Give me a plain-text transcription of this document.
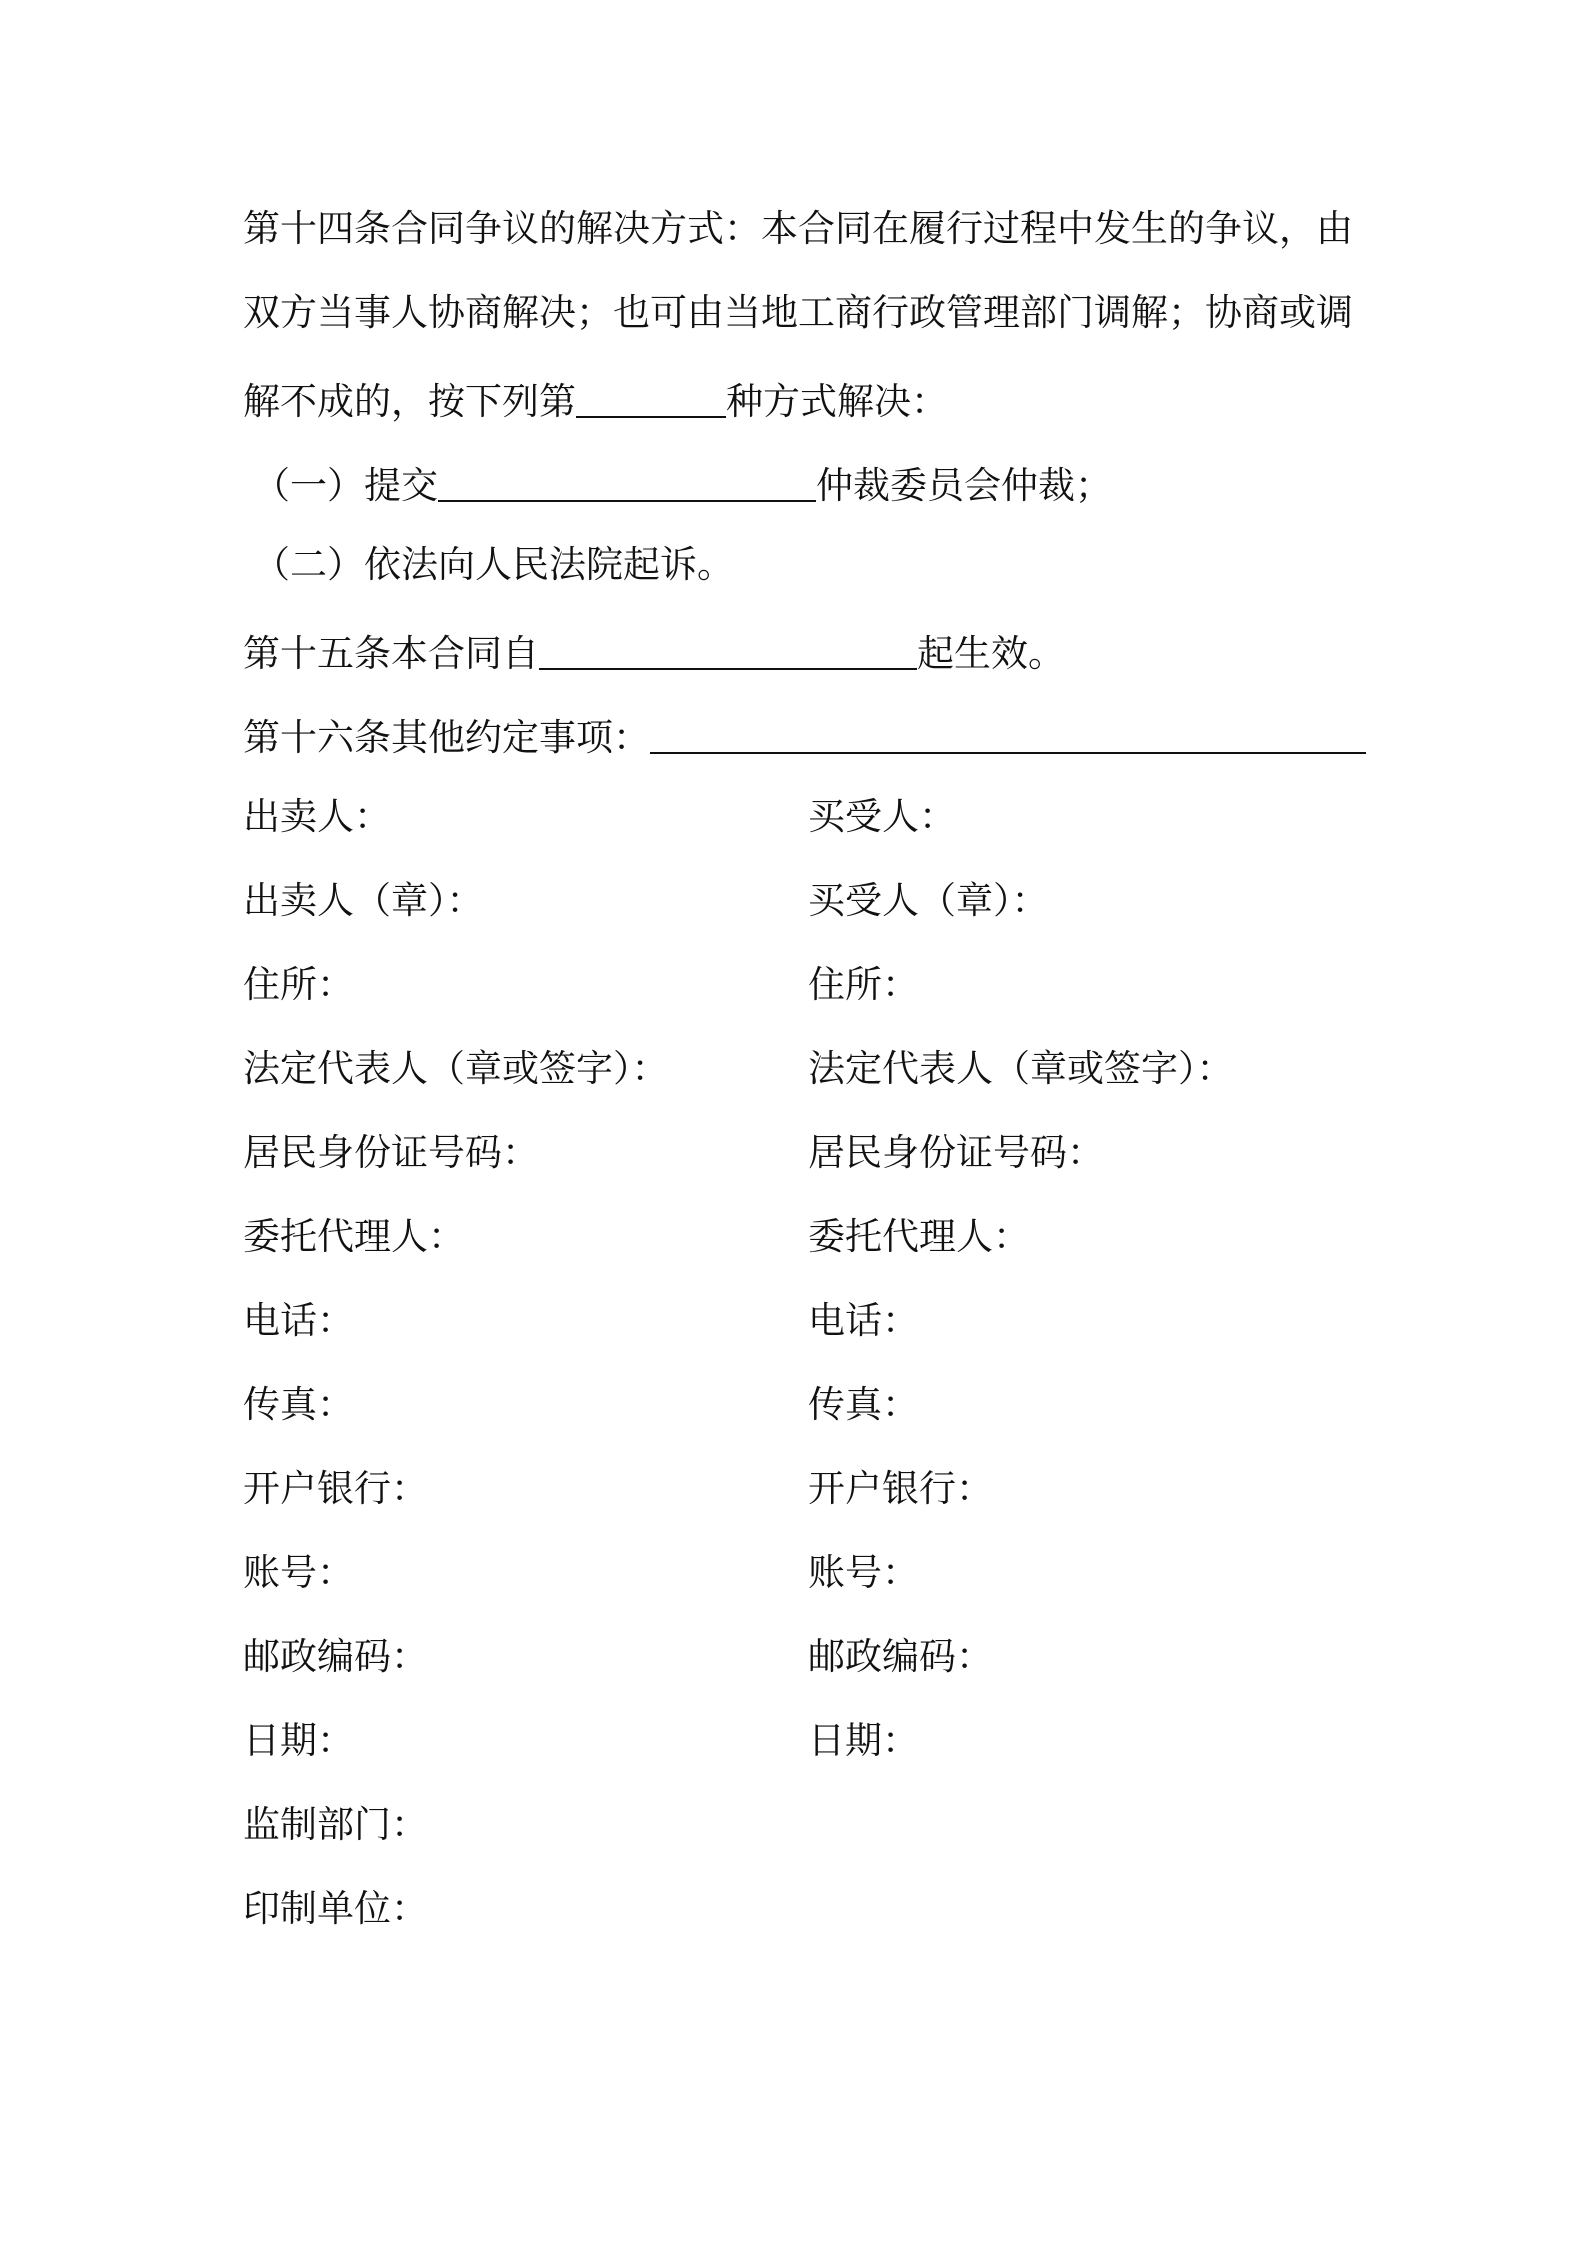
第十四条合同争议的解决方式：本合同在履行过程中发生的争议，由
双方当事人协商解决；也可由当地工商行政管理部门调解；协商或调
解不成的，按下列第	种方式解决：
（一）提交	仲裁委员会仲裁；
（二）依法向人民法院起诉。
第十五条本合同自	起生效。
第十六条其他约定事项：
出卖人：	买受人：
出卖人（章）：	买受人（章）：
住所：	住所：
法定代表人（章或签字）：	法定代表人（章或签字）：
居民身份证号码：	居民身份证号码：
委托代理人：	委托代理人：
电话：	电话：
传真：	传真：
开户银行：	开户银行：
账号：	账号：
邮政编码：	邮政编码：
日期：	日期：
监制部门：
印制单位：
